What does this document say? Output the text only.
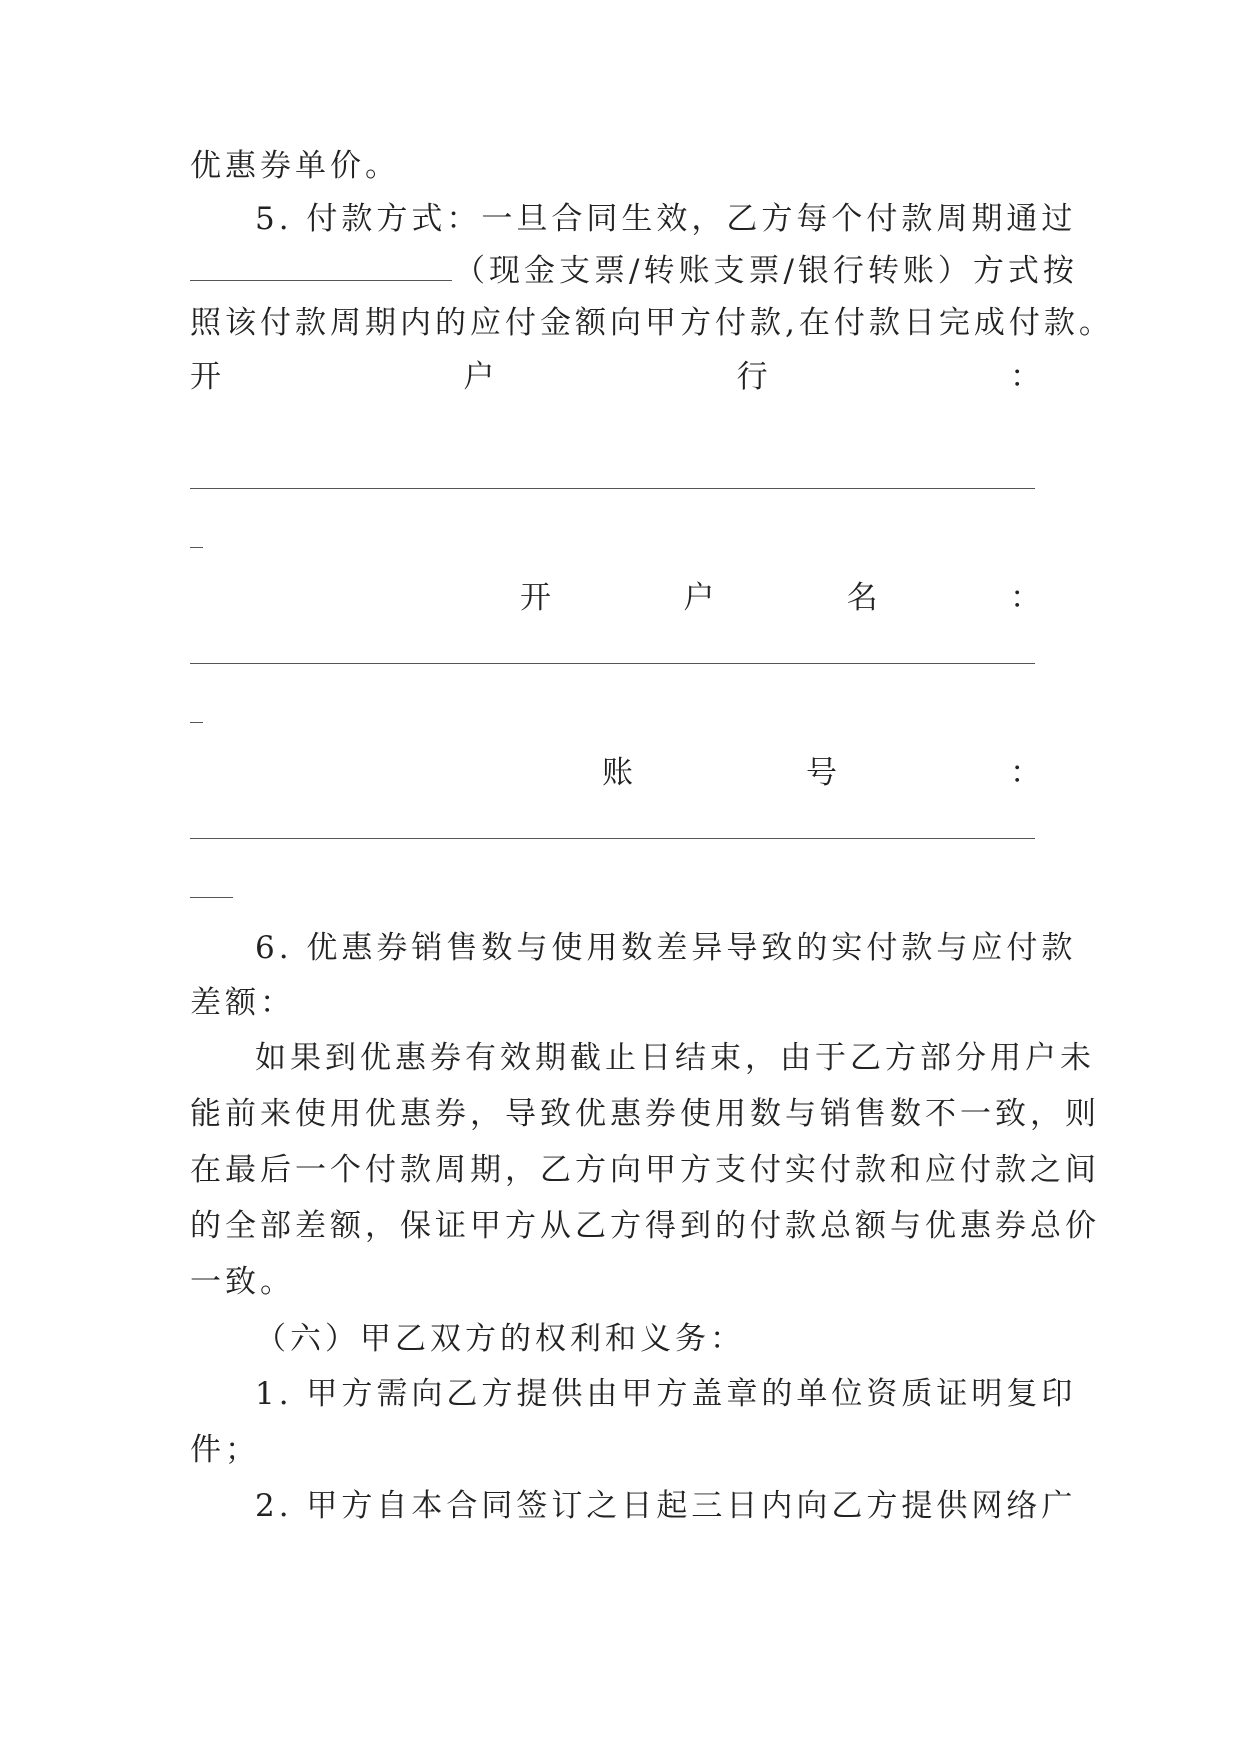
优惠券单价。
5. 付款方式：一旦合同生效，乙方每个付款周期通过
（现金支票/转账支票/银行转账）方式按
照该付款周期内的应付金额向甲方付款,在付款日完成付款。
开	户	行	：
开	户	名	：
账	号	：
6. 优惠券销售数与使用数差异导致的实付款与应付款
差额：
如果到优惠券有效期截止日结束，由于乙方部分用户未
能前来使用优惠券，导致优惠券使用数与销售数不一致，则
在最后一个付款周期，乙方向甲方支付实付款和应付款之间
的全部差额，保证甲方从乙方得到的付款总额与优惠券总价
一致。
（六）甲乙双方的权利和义务：
1. 甲方需向乙方提供由甲方盖章的单位资质证明复印
件；
2. 甲方自本合同签订之日起三日内向乙方提供网络广
